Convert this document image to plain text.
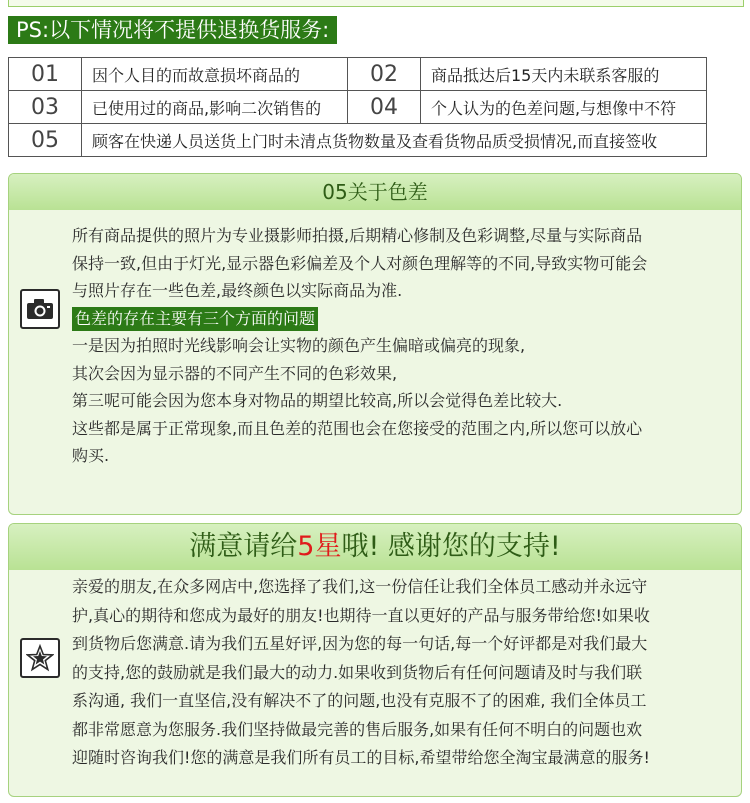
PS:以下情况将不提供退换货服务:
01	因个人目的而故意损坏商品的	02	商品抵达后15天内未联系客服的
03	已使用过的商品,影响二次销售的	04	个人认为的色差问题,与想像中不符
05	顾客在快递人员送货上门时未清点货物数量及查看货物品质受损情况,而直接签收		
05关于色差
所有商品提供的照片为专业摄影师拍摄,后期精心修制及色彩调整,尽量与实际商品
保持一致,但由于灯光,显示器色彩偏差及个人对颜色理解等的不同,导致实物可能会
与照片存在一些色差,最终颜色以实际商品为准.
色差的存在主要有三个方面的问题
一是因为拍照时光线影响会让实物的颜色产生偏暗或偏亮的现象,
其次会因为显示器的不同产生不同的色彩效果,
第三呢可能会因为您本身对物品的期望比较高,所以会觉得色差比较大.
这些都是属于正常现象,而且色差的范围也会在您接受的范围之内,所以您可以放心
购买.
满意请给5星哦! 感谢您的支持!
亲爱的朋友,在众多网店中,您选择了我们,这一份信任让我们全体员工感动并永远守
护,真心的期待和您成为最好的朋友!也期待一直以更好的产品与服务带给您!如果收
到货物后您满意.请为我们五星好评,因为您的每一句话,每一个好评都是对我们最大
的支持,您的鼓励就是我们最大的动力.如果收到货物后有任何问题请及时与我们联
系沟通, 我们一直坚信,没有解决不了的问题,也没有克服不了的困难, 我们全体员工
都非常愿意为您服务.我们坚持做最完善的售后服务,如果有任何不明白的问题也欢
迎随时咨询我们!您的满意是我们所有员工的目标,希望带给您全淘宝最满意的服务!
